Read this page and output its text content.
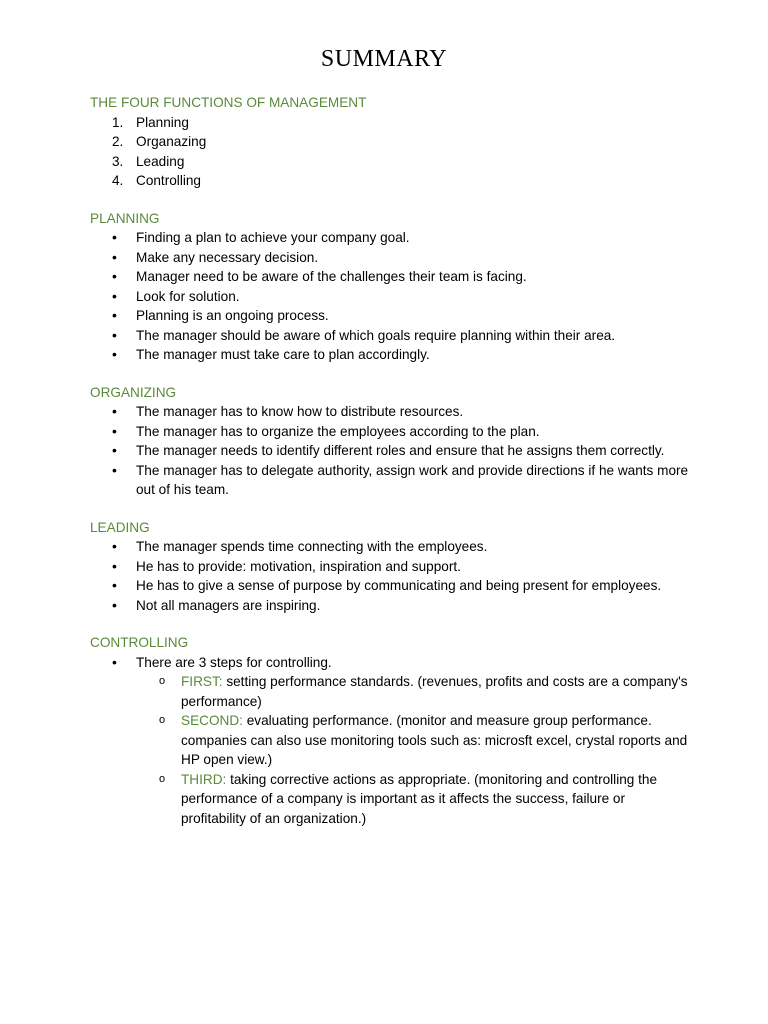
SUMMARY
THE FOUR FUNCTIONS OF MANAGEMENT
1. Planning
2. Organazing
3. Leading
4. Controlling
PLANNING
• Finding a plan to achieve your company goal.
• Make any necessary decision.
• Manager need to be aware of the challenges their team is facing.
• Look for solution.
• Planning is an ongoing process.
• The manager should be aware of which goals require planning within their area.
• The manager must take care to plan accordingly.
ORGANIZING
• The manager has to know how to distribute resources.
• The manager has to organize the employees according to the plan.
• The manager needs to identify different roles and ensure that he assigns them correctly.
• The manager has to delegate authority, assign work and provide directions if he wants more out of his team.
LEADING
• The manager spends time connecting with the employees.
• He has to provide: motivation, inspiration and support.
• He has to give a sense of purpose by communicating and being present for employees.
• Not all managers are inspiring.
CONTROLLING
• There are 3 steps for controlling.
o FIRST: setting performance standards. (revenues, profits and costs are a company's performance)
o SECOND: evaluating performance. (monitor and measure group performance. companies can also use monitoring tools such as: microsft excel, crystal roports and HP open view.)
o THIRD: taking corrective actions as appropriate. (monitoring and controlling the performance of a company is important as it affects the success, failure or profitability of an organization.)
